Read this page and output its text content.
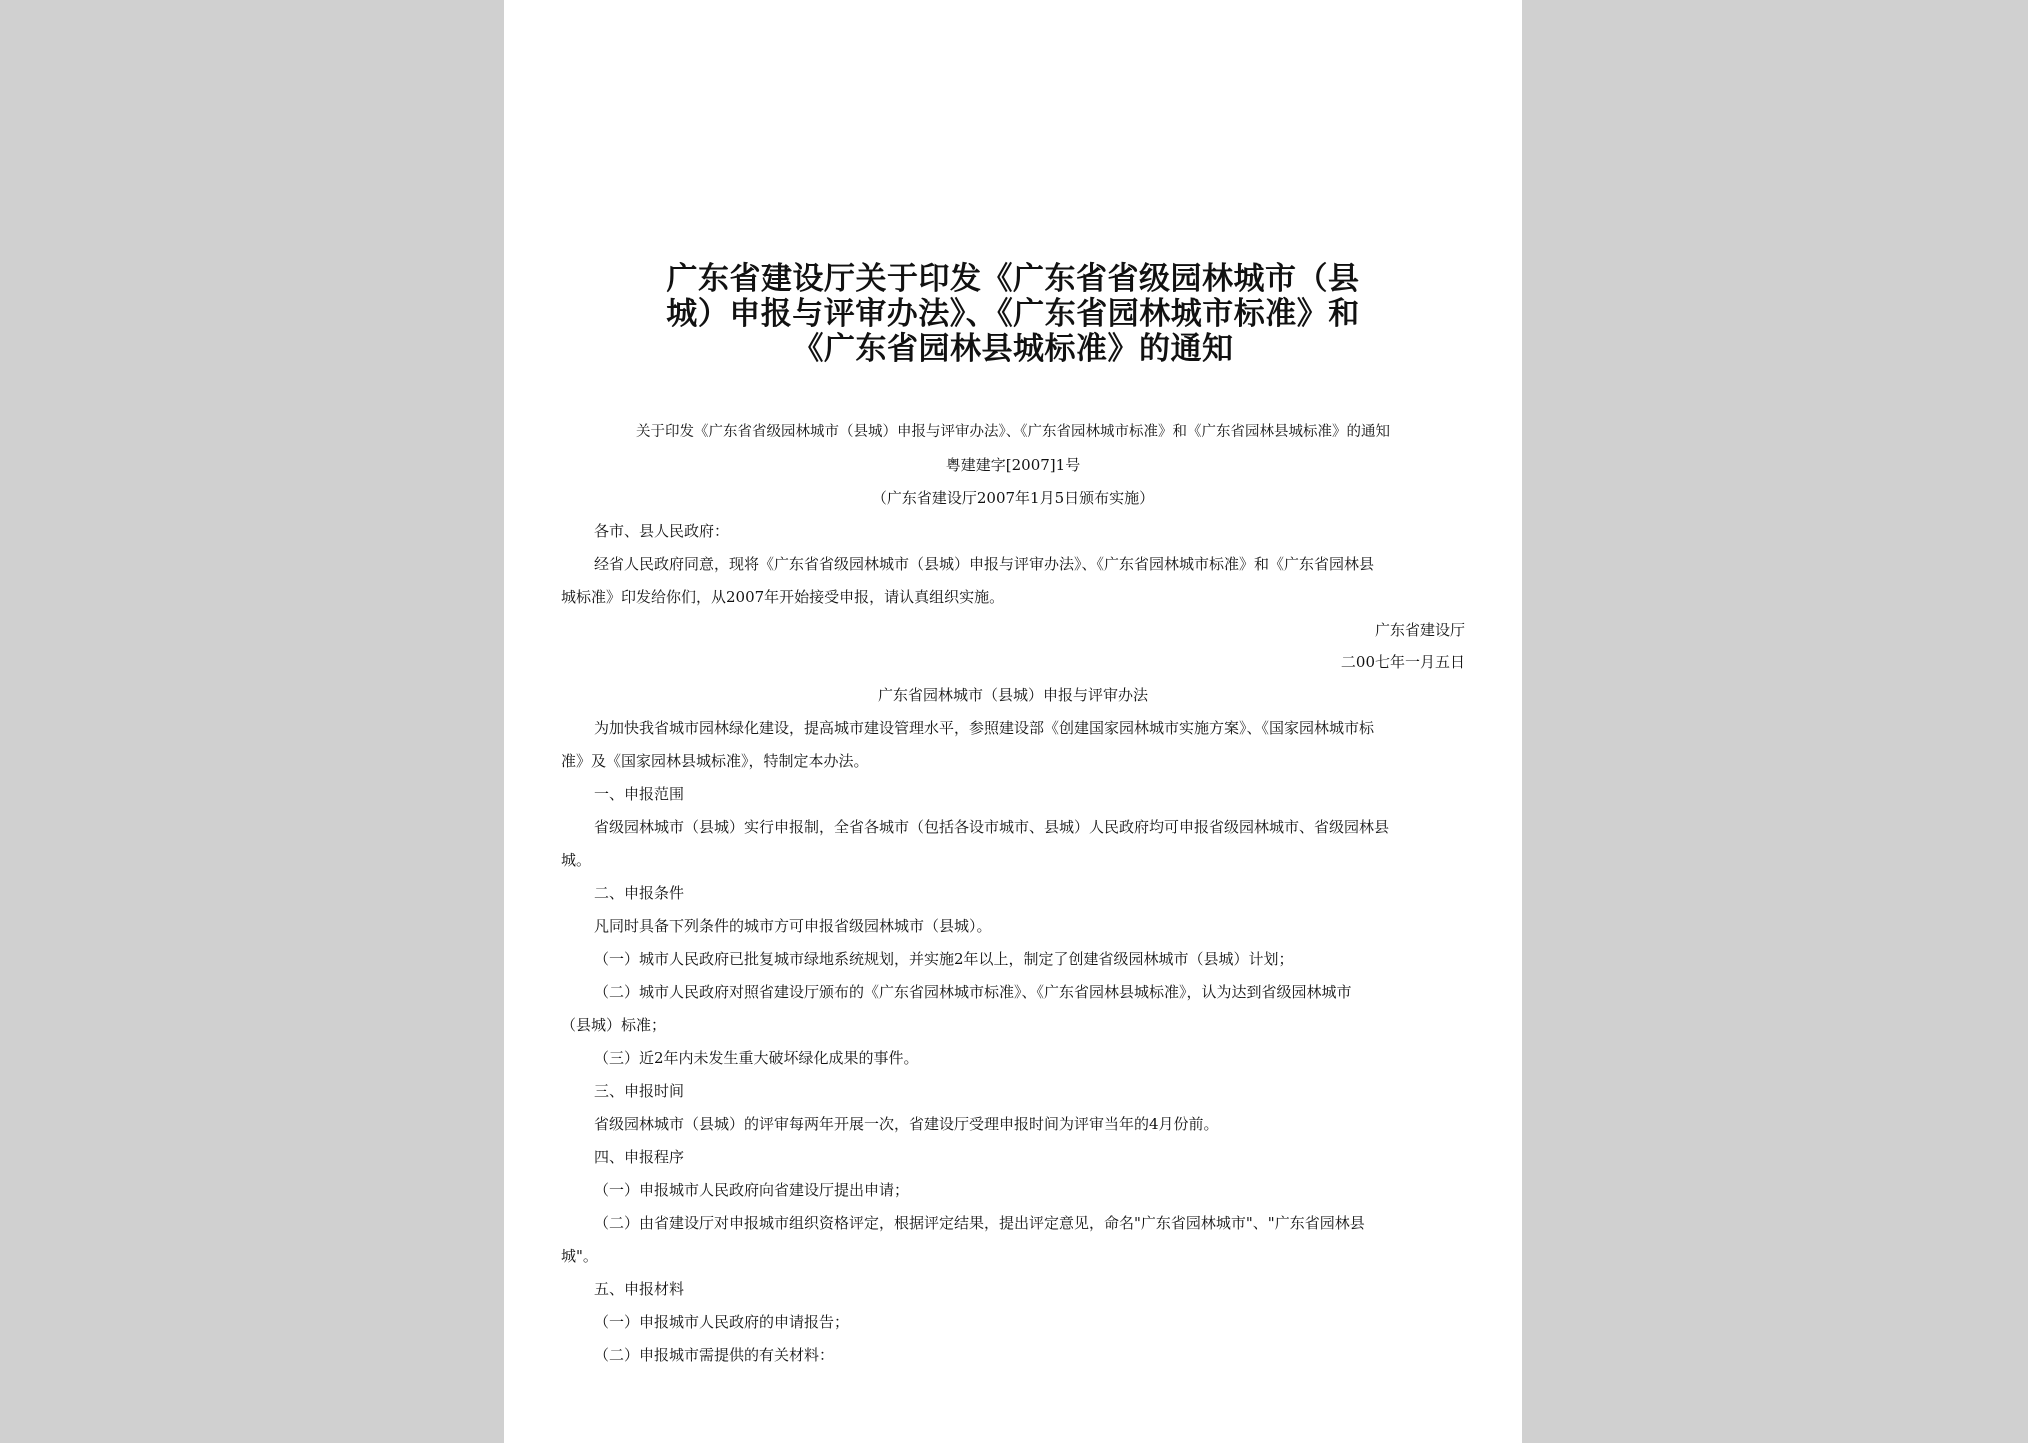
广东省建设厅关于印发《广东省省级园林城市（县
城）申报与评审办法》、《广东省园林城市标准》和
《广东省园林县城标准》的通知
关于印发《广东省省级园林城市（县城）申报与评审办法》、《广东省园林城市标准》和《广东省园林县城标准》的通知
粤建建字[2007]1号
（广东省建设厅2007年1月5日颁布实施）
各市、县人民政府：
经省人民政府同意，现将《广东省省级园林城市（县城）申报与评审办法》、《广东省园林城市标准》和《广东省园林县
城标准》印发给你们，从2007年开始接受申报，请认真组织实施。
广东省建设厅
二00七年一月五日
广东省园林城市（县城）申报与评审办法
为加快我省城市园林绿化建设，提高城市建设管理水平，参照建设部《创建国家园林城市实施方案》、《国家园林城市标
准》及《国家园林县城标准》，特制定本办法。
一、申报范围
省级园林城市（县城）实行申报制，全省各城市（包括各设市城市、县城）人民政府均可申报省级园林城市、省级园林县
城。
二、申报条件
凡同时具备下列条件的城市方可申报省级园林城市（县城）。
（一）城市人民政府已批复城市绿地系统规划，并实施2年以上，制定了创建省级园林城市（县城）计划；
（二）城市人民政府对照省建设厅颁布的《广东省园林城市标准》、《广东省园林县城标准》，认为达到省级园林城市
（县城）标准；
（三）近2年内未发生重大破坏绿化成果的事件。
三、申报时间
省级园林城市（县城）的评审每两年开展一次，省建设厅受理申报时间为评审当年的4月份前。
四、申报程序
（一）申报城市人民政府向省建设厅提出申请；
（二）由省建设厅对申报城市组织资格评定，根据评定结果，提出评定意见，命名"广东省园林城市"、"广东省园林县
城"。
五、申报材料
（一）申报城市人民政府的申请报告；
（二）申报城市需提供的有关材料：
